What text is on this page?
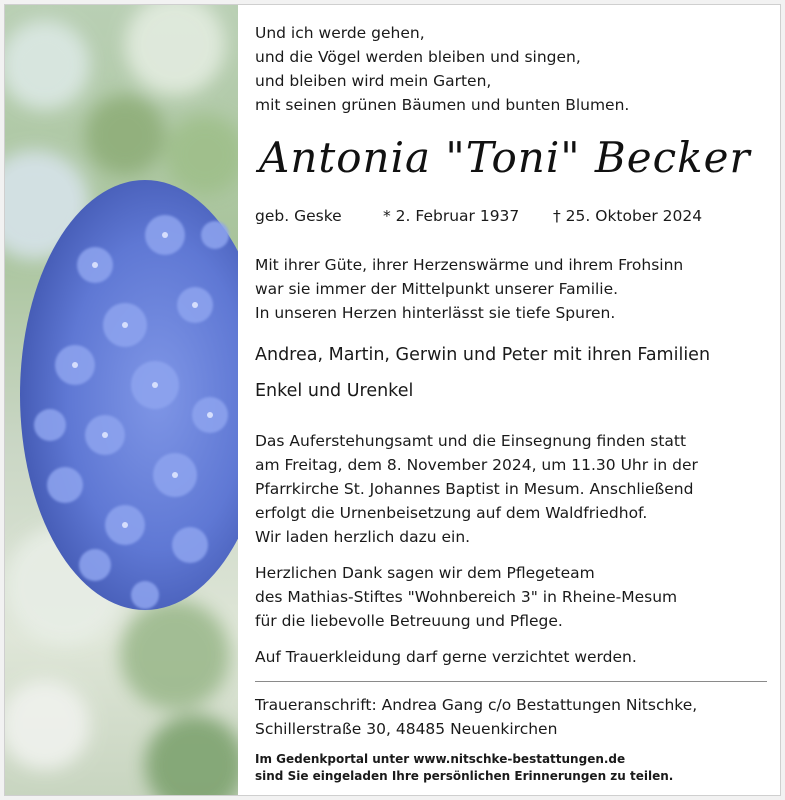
Und ich werde gehen,
und die Vögel werden bleiben und singen,
und bleiben wird mein Garten,
mit seinen grünen Bäumen und bunten Blumen.
Antonia "Toni" Becker
geb. Geske	* 2. Februar 1937 † 25. Oktober 2024
Mit ihrer Güte, ihrer Herzenswärme und ihrem Frohsinn
war sie immer der Mittelpunkt unserer Familie.
In unseren Herzen hinterlässt sie tiefe Spuren.
Andrea, Martin, Gerwin und Peter mit ihren Familien
Enkel und Urenkel
Das Auferstehungsamt und die Einsegnung finden statt
am Freitag, dem 8. November 2024, um 11.30 Uhr in der
Pfarrkirche St. Johannes Baptist in Mesum. Anschließend
erfolgt die Urnenbeisetzung auf dem Waldfriedhof.
Wir laden herzlich dazu ein.
Herzlichen Dank sagen wir dem Pflegeteam
des Mathias-Stiftes "Wohnbereich 3" in Rheine-Mesum
für die liebevolle Betreuung und Pflege.
Auf Trauerkleidung darf gerne verzichtet werden.
Traueranschrift: Andrea Gang c/o Bestattungen Nitschke,
Schillerstraße 30, 48485 Neuenkirchen
Im Gedenkportal unter www.nitschke-bestattungen.de
sind Sie eingeladen Ihre persönlichen Erinnerungen zu teilen.
